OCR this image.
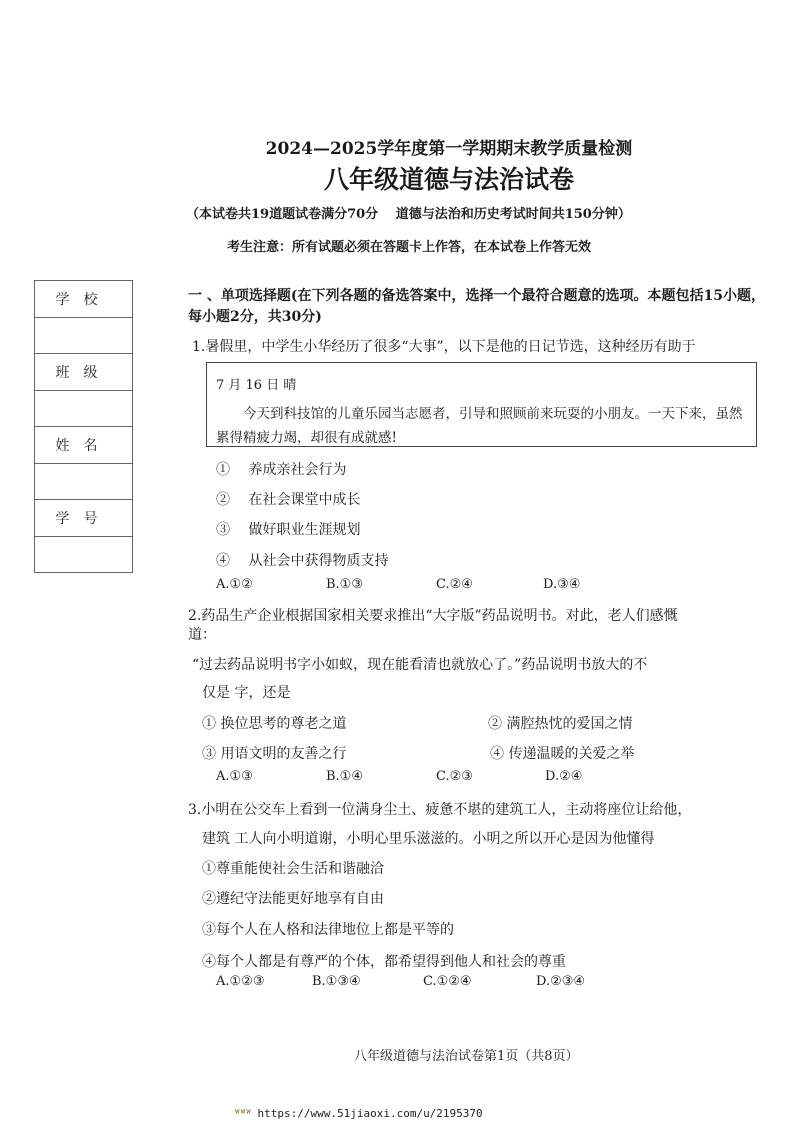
2024—2025学年度第一学期期末教学质量检测
八年级道德与法治试卷
（本试卷共19道题试卷满分70分　 道德与法治和历史考试时间共150分钟）
考生注意：所有试题必须在答题卡上作答，在本试卷上作答无效
学校

班级

姓名

学号

一 、单项选择题(在下列各题的备选答案中，选择一个最符合题意的选项。本题包括15小题，每小题2分，共30分)
1.暑假里，中学生小华经历了很多“大事”，以下是他的日记节选，这种经历有助于
7 月 16 日 晴
今天到科技馆的儿童乐园当志愿者，引导和照顾前来玩耍的小朋友。一天下来，虽然累得精疲力竭，却很有成就感!
①　 养成亲社会行为
②　 在社会课堂中成长
③　 做好职业生涯规划
④　 从社会中获得物质支持
A.①②	B.①③	C.②④	D.③④
2.药品生产企业根据国家相关要求推出“大字版”药品说明书。对此，老人们感慨
道：
“过去药品说明书字小如蚁，现在能看清也就放心了。”药品说明书放大的不
仅是 字，还是
① 换位思考的尊老之道	② 满腔热忱的爱国之情
③ 用语文明的友善之行	④ 传递温暖的关爱之举
A.①③	B.①④	C.②③	D.②④
3.小明在公交车上看到一位满身尘土、疲惫不堪的建筑工人，主动将座位让给他，
建筑 工人向小明道谢，小明心里乐滋滋的。小明之所以开心是因为他懂得
①尊重能使社会生活和谐融洽
②遵纪守法能更好地享有自由
③每个人在人格和法律地位上都是平等的
④每个人都是有尊严的个体，都希望得到他人和社会的尊重
A.①②③	B.①③④	C.①②④	D.②③④
八年级道德与法治试卷第1页（共8页）
ᵂᵂᵂ https://www.51jiaoxi.com/u/2195370
